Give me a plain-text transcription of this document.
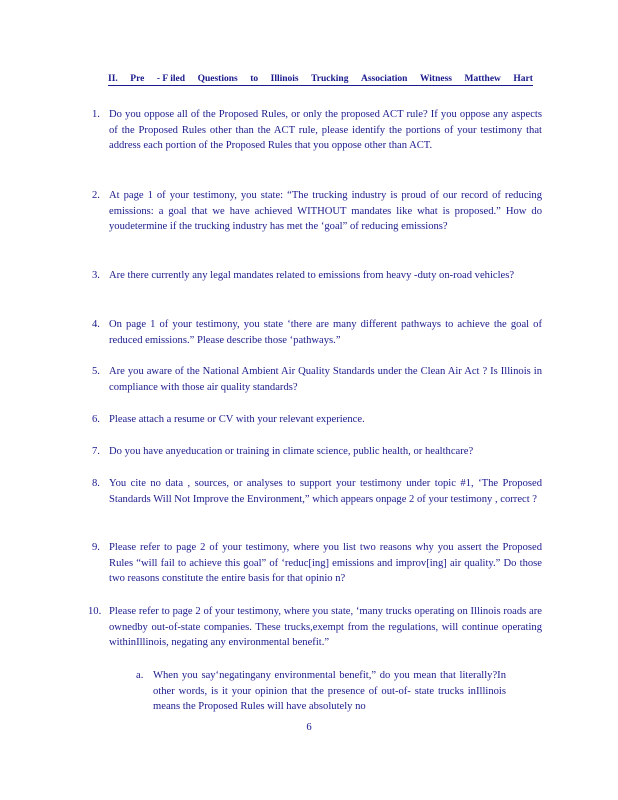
II. Pre - F iled Questions to Illinois Trucking Association Witness Matthew Hart
1. Do you oppose all of the Proposed Rules, or only the proposed ACT rule? If you oppose any aspects of the Proposed Rules other than the ACT rule, please identify the portions of your testimony that address each portion of the Proposed Rules that you oppose other than ACT.
2. At page 1 of your testimony, you state: “The trucking industry is proud of our record of reducing emissions: a goal that we have achieved WITHOUT mandates like what is proposed.” How do youdetermine if the trucking industry has met the ‘goal” of reducing emissions?
3. Are there currently any legal mandates related to emissions from heavy -duty on-road vehicles?
4. On page 1 of your testimony, you state ‘there are many different pathways to achieve the goal of reduced emissions.” Please describe those ‘pathways.”
5. Are you aware of the National Ambient Air Quality Standards under the Clean Air Act ? Is Illinois in compliance with those air quality standards?
6. Please attach a resume or CV with your relevant experience.
7. Do you have anyeducation or training in climate science, public health, or healthcare?
8. You cite no data , sources, or analyses to support your testimony under topic #1, ‘The Proposed Standards Will Not Improve the Environment,” which appears onpage 2 of your testimony , correct ?
9. Please refer to page 2 of your testimony, where you list two reasons why you assert the Proposed Rules “will fail to achieve this goal” of ‘reduc[ing] emissions and improv[ing] air quality.” Do those two reasons constitute the entire basis for that opinio n?
10. Please refer to page 2 of your testimony, where you state, ‘many trucks operating on Illinois roads are ownedby out-of-state companies. These trucks,exempt from the regulations, will continue operating withinIllinois, negating any environmental benefit.”
a. When you say‘negatingany environmental benefit,” do you mean that literally?In other words, is it your opinion that the presence of out-of- state trucks inIllinois means the Proposed Rules will have absolutely no
6
